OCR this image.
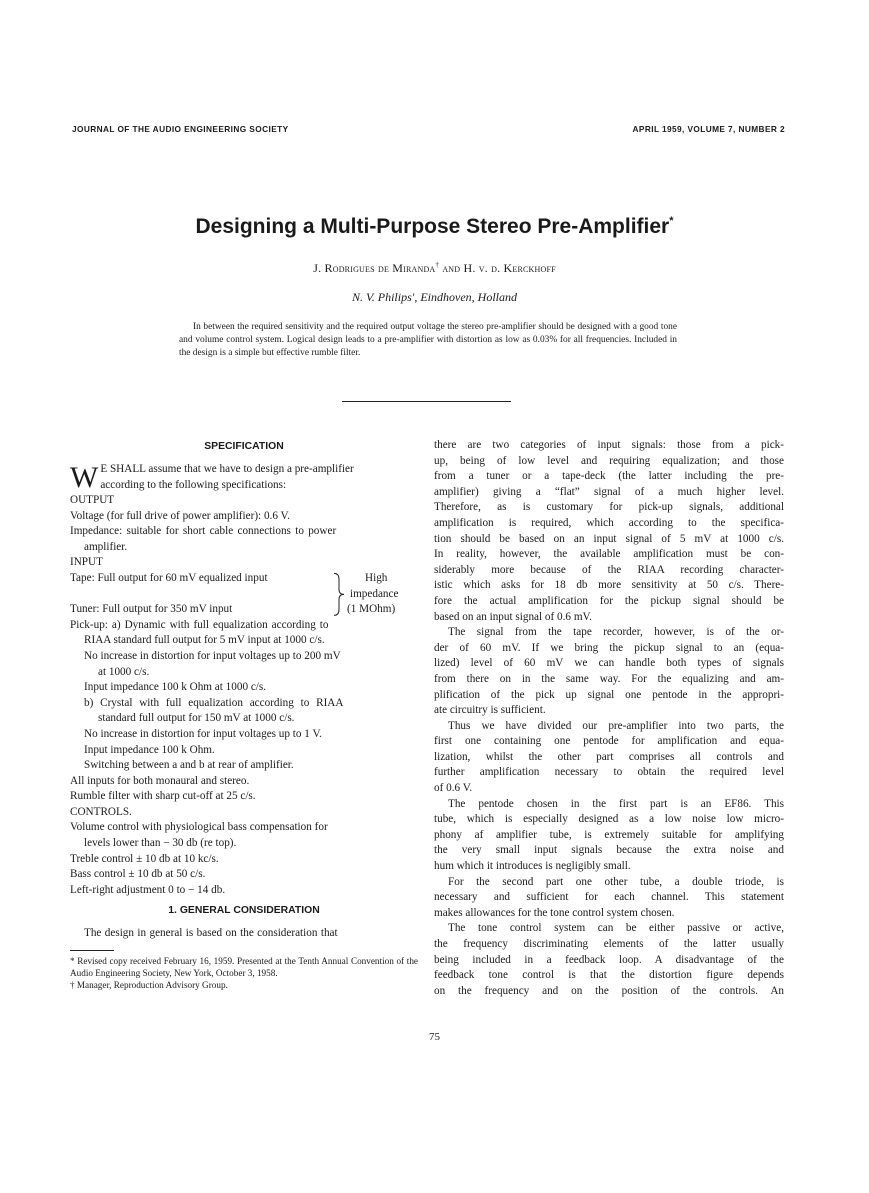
JOURNAL OF THE AUDIO ENGINEERING SOCIETY	APRIL 1959, VOLUME 7, NUMBER 2
Designing a Multi-Purpose Stereo Pre-Amplifier*
J. Rodrigues de Miranda† and H. v. d. Kerckhoff
N. V. Philips', Eindhoven, Holland
In between the required sensitivity and the required output voltage the stereo pre-amplifier should be designed with a good tone and volume control system. Logical design leads to a pre-amplifier with distortion as low as 0.03% for all frequencies. Included in the design is a simple but effective rumble filter.
SPECIFICATION
W E SHALL assume that we have to design a pre-amplifier
according to the following specifications:
OUTPUT
Voltage (for full drive of power amplifier): 0.6 V.
Impedance: suitable for short cable connections to power
amplifier.
INPUT
Tape: Full output for 60 mV equalized input
Tuner: Full output for 350 mV input
High
impedance
(1 MOhm)
Pick-up: a) Dynamic with full equalization according to
RIAA standard full output for 5 mV input at 1000 c/s.
No increase in distortion for input voltages up to 200 mV
at 1000 c/s.
Input impedance 100 k Ohm at 1000 c/s.
b) Crystal with full equalization according to RIAA
standard full output for 150 mV at 1000 c/s.
No increase in distortion for input voltages up to 1 V.
Input impedance 100 k Ohm.
Switching between a and b at rear of amplifier.
All inputs for both monaural and stereo.
Rumble filter with sharp cut-off at 25 c/s.
CONTROLS.
Volume control with physiological bass compensation for
levels lower than − 30 db (re top).
Treble control ± 10 db at 10 kc/s.
Bass control ± 10 db at 50 c/s.
Left-right adjustment 0 to − 14 db.
1. GENERAL CONSIDERATION
The design in general is based on the consideration that
* Revised copy received February 16, 1959. Presented at the Tenth Annual Convention of the Audio Engineering Society, New York, October 3, 1958.
† Manager, Reproduction Advisory Group.
there are two categories of input signals: those from a pick-
up, being of low level and requiring equalization; and those
from a tuner or a tape-deck (the latter including the pre-
amplifier) giving a “flat” signal of a much higher level.
Therefore, as is customary for pick-up signals, additional
amplification is required, which according to the specifica-
tion should be based on an input signal of 5 mV at 1000 c/s.
In reality, however, the available amplification must be con-
siderably more because of the RIAA recording character-
istic which asks for 18 db more sensitivity at 50 c/s. There-
fore the actual amplification for the pickup signal should be
based on an input signal of 0.6 mV.
The signal from the tape recorder, however, is of the or-
der of 60 mV. If we bring the pickup signal to an (equa-
lized) level of 60 mV we can handle both types of signals
from there on in the same way. For the equalizing and am-
plification of the pick up signal one pentode in the appropri-
ate circuitry is sufficient.
Thus we have divided our pre-amplifier into two parts, the
first one containing one pentode for amplification and equa-
lization, whilst the other part comprises all controls and
further amplification necessary to obtain the required level
of 0.6 V.
The pentode chosen in the first part is an EF86. This
tube, which is especially designed as a low noise low micro-
phony af amplifier tube, is extremely suitable for amplifying
the very small input signals because the extra noise and
hum which it introduces is negligibly small.
For the second part one other tube, a double triode, is
necessary and sufficient for each channel. This statement
makes allowances for the tone control system chosen.
The tone control system can be either passive or active,
the frequency discriminating elements of the latter usually
being included in a feedback loop. A disadvantage of the
feedback tone control is that the distortion figure depends
on the frequency and on the position of the controls. An
75
